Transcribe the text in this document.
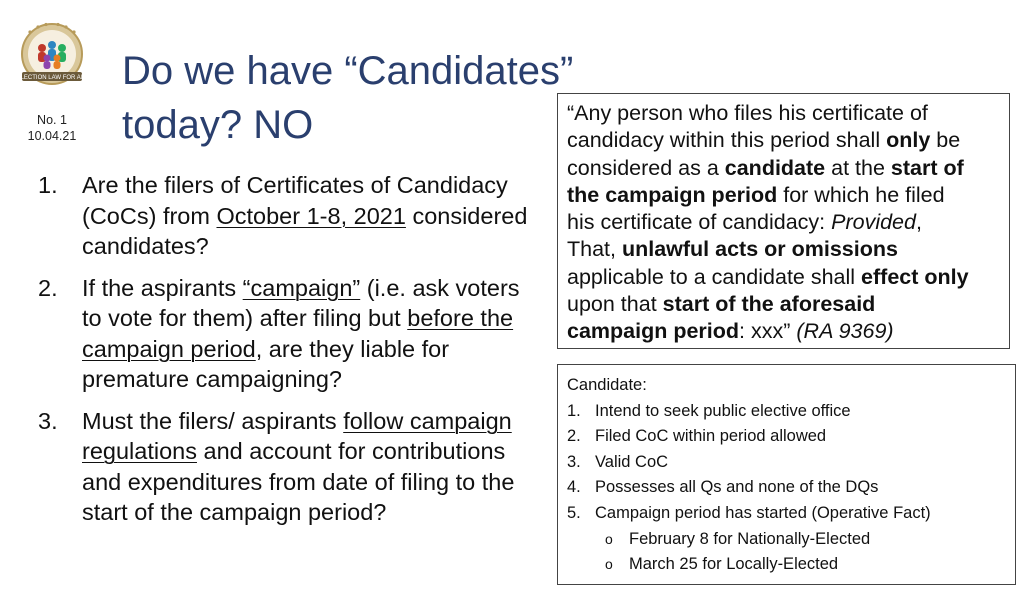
ELECTION LAW FOR ALL
No. 1
10.04.21
Do we have “Candidates”
today? NO
1. Are the filers of Certificates of Candidacy (CoCs) from October 1-8, 2021 considered candidates?
2. If the aspirants “campaign” (i.e. ask voters to vote for them) after filing but before the campaign period, are they liable for premature campaigning?
3. Must the filers/ aspirants follow campaign regulations and account for contributions and expenditures from date of filing to the start of the campaign period?

“Any person who files his certificate of

candidacy within this period shall only be

considered as a candidate at the start of

the campaign period for which he filed

his certificate of candidacy: Provided,

That, unlawful acts or omissions

applicable to a candidate shall effect only

upon that start of the aforesaid

campaign period: xxx” (RA 9369)

Candidate:
1. Intend to seek public elective office
2. Filed CoC within period allowed
3. Valid CoC
4. Possesses all Qs and none of the DQs
5. Campaign period has started (Operative Fact)
o February 8 for Nationally-Elected
o March 25 for Locally-Elected
